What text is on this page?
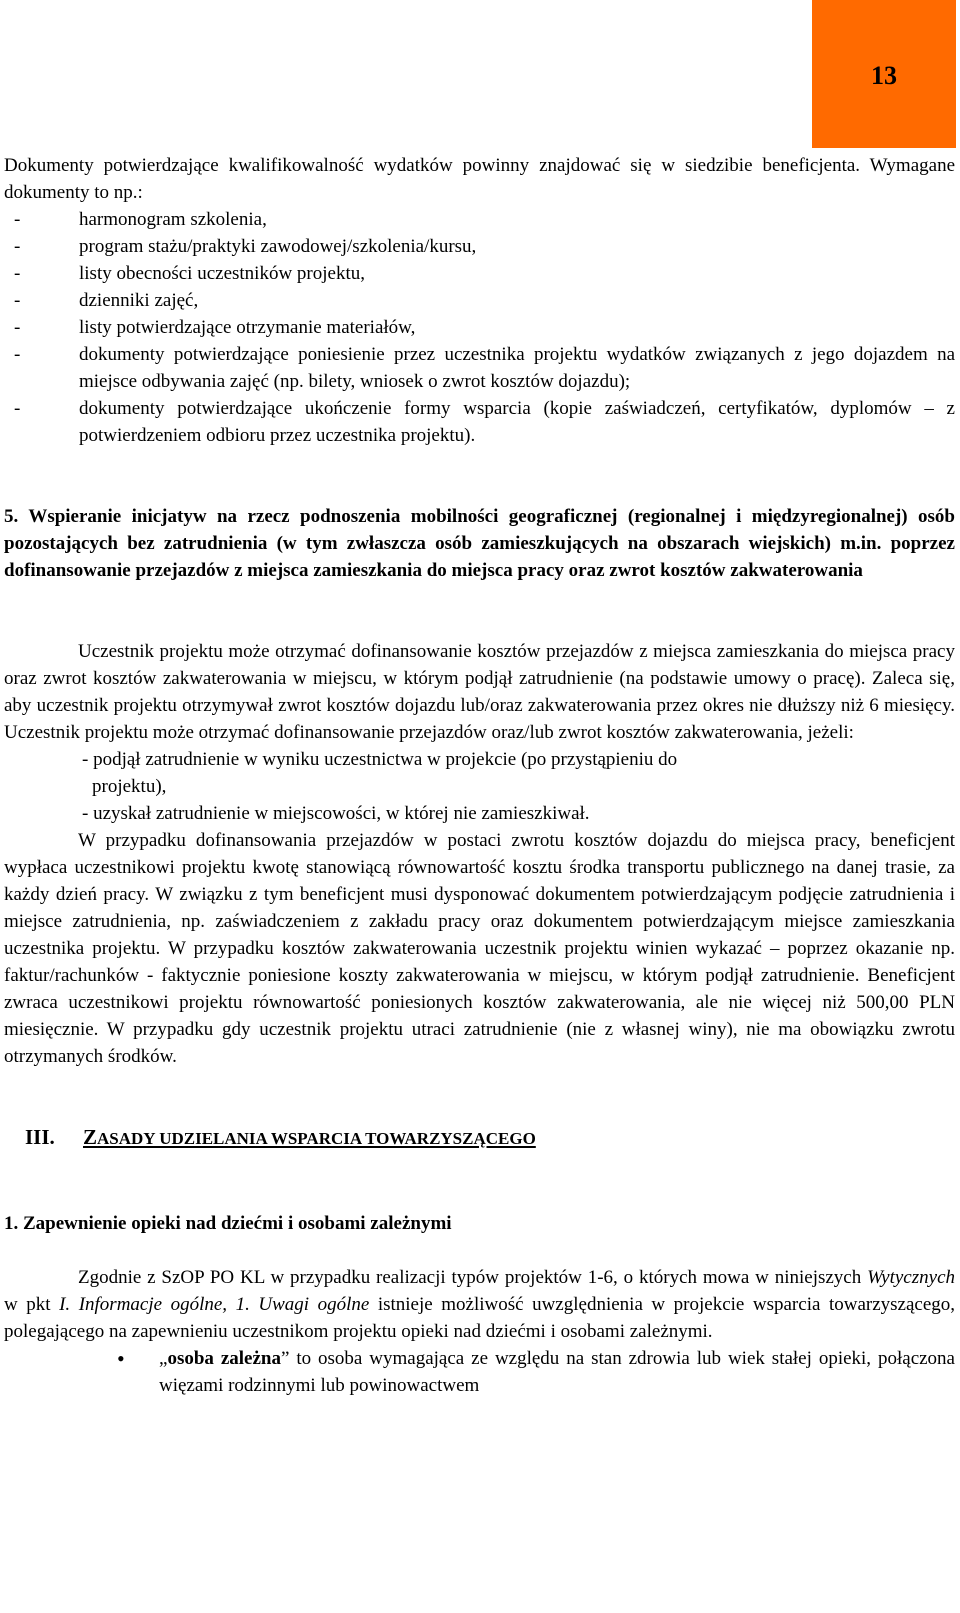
13

Dokumenty potwierdzające kwalifikowalność wydatków powinny znajdować się w siedzibie beneficjenta. Wymagane dokumenty to np.:

-	harmonogram szkolenia,
-	program stażu/praktyki zawodowej/szkolenia/kursu,
-	listy obecności uczestników projektu,
-	dzienniki zajęć,
-	listy potwierdzające otrzymanie materiałów,
-	dokumenty potwierdzające poniesienie przez uczestnika projektu wydatków związanych z jego dojazdem na miejsce odbywania zajęć (np. bilety, wniosek o zwrot kosztów dojazdu);
-	dokumenty potwierdzające ukończenie formy wsparcia (kopie zaświadczeń, certyfikatów, dyplomów – z potwierdzeniem odbioru przez uczestnika projektu).

5. Wspieranie inicjatyw na rzecz podnoszenia mobilności geograficznej (regionalnej i międzyregionalnej) osób pozostających bez zatrudnienia (w tym zwłaszcza osób zamieszkujących na obszarach wiejskich) m.in. poprzez dofinansowanie przejazdów z miejsca zamieszkania do miejsca pracy oraz zwrot kosztów zakwaterowania

Uczestnik projektu może otrzymać dofinansowanie kosztów przejazdów z miejsca zamieszkania do miejsca pracy oraz zwrot kosztów zakwaterowania w miejscu, w którym podjął zatrudnienie (na podstawie umowy o pracę). Zaleca się, aby uczestnik projektu otrzymywał zwrot kosztów dojazdu lub/oraz zakwaterowania przez okres nie dłuższy niż 6 miesięcy. Uczestnik projektu może otrzymać dofinansowanie przejazdów oraz/lub zwrot kosztów zakwaterowania, jeżeli:

- podjął zatrudnienie w wyniku uczestnictwa w projekcie (po przystąpieniu do

projektu),

- uzyskał zatrudnienie w miejscowości, w której nie zamieszkiwał.

W przypadku dofinansowania przejazdów w postaci zwrotu kosztów dojazdu do miejsca pracy, beneficjent wypłaca uczestnikowi projektu kwotę stanowiącą równowartość kosztu środka transportu publicznego na danej trasie, za każdy dzień pracy. W związku z tym beneficjent musi dysponować dokumentem potwierdzającym podjęcie zatrudnienia i miejsce zatrudnienia, np. zaświadczeniem z zakładu pracy oraz dokumentem potwierdzającym miejsce zamieszkania uczestnika projektu. W przypadku kosztów zakwaterowania uczestnik projektu winien wykazać – poprzez okazanie np. faktur/rachunków - faktycznie poniesione koszty zakwaterowania w miejscu, w którym podjął zatrudnienie. Beneficjent zwraca uczestnikowi projektu równowartość poniesionych kosztów zakwaterowania, ale nie więcej niż 500,00 PLN miesięcznie. W przypadku gdy uczestnik projektu utraci zatrudnienie (nie z własnej winy), nie ma obowiązku zwrotu otrzymanych środków.

III. ZASADY UDZIELANIA WSPARCIA TOWARZYSZĄCEGO

1. Zapewnienie opieki nad dziećmi i osobami zależnymi

Zgodnie z SzOP PO KL w przypadku realizacji typów projektów 1-6, o których mowa w niniejszych Wytycznych w pkt I. Informacje ogólne, 1. Uwagi ogólne istnieje możliwość uwzględnienia w projekcie wsparcia towarzyszącego, polegającego na zapewnieniu uczestnikom projektu opieki nad dziećmi i osobami zależnymi.

• „osoba zależna” to osoba wymagająca ze względu na stan zdrowia lub wiek stałej opieki, połączona więzami rodzinnymi lub powinowactwem
